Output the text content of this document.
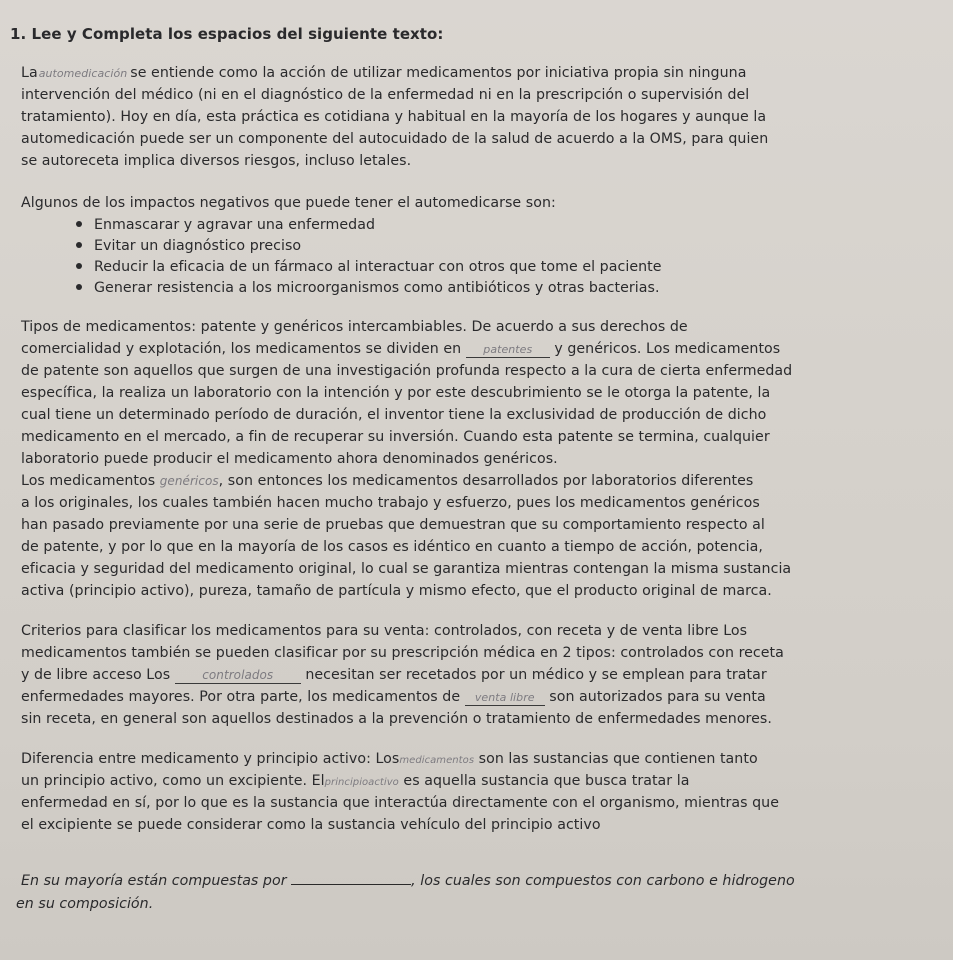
1. Lee y Completa los espacios del siguiente texto:
Laautomedicación se entiende como la acción de utilizar medicamentos por iniciativa propia sin ninguna
intervención del médico (ni en el diagnóstico de la enfermedad ni en la prescripción o supervisión del
tratamiento). Hoy en día, esta práctica es cotidiana y habitual en la mayoría de los hogares y aunque la
automedicación puede ser un componente del autocuidado de la salud de acuerdo a la OMS, para quien
se autoreceta implica diversos riesgos, incluso letales.
Algunos de los impactos negativos que puede tener el automedicarse son:
Enmascarar y agravar una enfermedad
Evitar un diagnóstico preciso
Reducir la eficacia de un fármaco al interactuar con otros que tome el paciente
Generar resistencia a los microorganismos como antibióticos y otras bacterias.
Tipos de medicamentos: patente y genéricos intercambiables. De acuerdo a sus derechos de
comercialidad y explotación, los medicamentos se dividen en patentes y genéricos. Los medicamentos
de patente son aquellos que surgen de una investigación profunda respecto a la cura de cierta enfermedad
específica, la realiza un laboratorio con la intención y por este descubrimiento se le otorga la patente, la
cual tiene un determinado período de duración, el inventor tiene la exclusividad de producción de dicho
medicamento en el mercado, a fin de recuperar su inversión. Cuando esta patente se termina, cualquier
laboratorio puede producir el medicamento ahora denominados genéricos.
Los medicamentos genéricos, son entonces los medicamentos desarrollados por laboratorios diferentes
a los originales, los cuales también hacen mucho trabajo y esfuerzo, pues los medicamentos genéricos
han pasado previamente por una serie de pruebas que demuestran que su comportamiento respecto al
de patente, y por lo que en la mayoría de los casos es idéntico en cuanto a tiempo de acción, potencia,
eficacia y seguridad del medicamento original, lo cual se garantiza mientras contengan la misma sustancia
activa (principio activo), pureza, tamaño de partícula y mismo efecto, que el producto original de marca.
Criterios para clasificar los medicamentos para su venta: controlados, con receta y de venta libre Los
medicamentos también se pueden clasificar por su prescripción médica en 2 tipos: controlados con receta
y de libre acceso Los	controlados necesitan ser recetados por un médico y se emplean para tratar
enfermedades mayores. Por otra parte, los medicamentos de venta libre son autorizados para su venta
sin receta, en general son aquellos destinados a la prevención o tratamiento de enfermedades menores.
Diferencia entre medicamento y principio activo: Losmedicamentos son las sustancias que contienen tanto
un principio activo, como un excipiente. Elprincipioactivo es aquella sustancia que busca tratar la
enfermedad en sí, por lo que es la sustancia que interactúa directamente con el organismo, mientras que
el excipiente se puede considerar como la sustancia vehículo del principio activo
En su mayoría están compuestas por	, los cuales son compuestos con carbono e hidrogeno
en su composición.
